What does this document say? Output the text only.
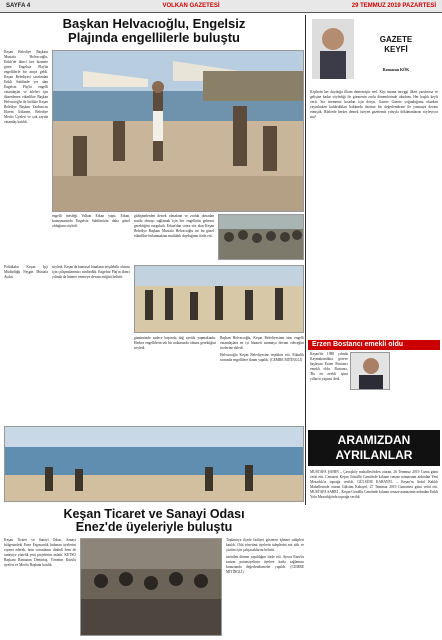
SAYFA 4	VOLKAN GAZETESİ	29 TEMMUZ 2019 PAZARTESİ
Başkan Helvacıoğlu, Engelsiz
Plajında engellilerle buluştu

Keşan Belediye Başkanı Mustafa Helvacıoğlu, Erikli'de ikinci kez hizmete giren Engelsiz Plaj'da engellilerle bir araya geldi. Keşan Belediyesi tarafından Erikli Sahilinde yer alan Engelsiz Plaj'ta engelli vatandaşlar ve aileleri için düzenlenen etkinlikte Başkan Helvacıoğlu ile birlikte Keşan Belediye Başkan Yardımcısı Ekrem Gökmen, Belediye Meclis Üyeleri ve çok sayıda vatandaş katıldı.

engelli mesleği Volkan Erkan yaptı. Erkan, konuşmasında Engelsiz Sahilimizin daha güzel olduğunu söyledi.

gülüşmelerden destek olmaktan ve zorluk olmadan mutlu olmayı sağlamak için her engellinin gelmesi gerektiğini vurguladı. Erkan'dan sonra söz alan Keşan Belediye Başkanı Mustafa Helvacıoğlu ise bu güzel etkinlikte bulunmaktan mutluluk duyduğunu ifade etti.

Politikalar Keşan İşçi Müdürlüğü Neşgin Mustafa Aydın.

söyledi. Keşan'da kamusal binaların erişilebilir olması için çalışmalarımızı sürdürdük. Engelsiz Plaj'ın ikinci yılında da hizmet vermeye devam ettiğini belirtti.

günümüzde sadece başarıda dağ ayrılık yapmaktadır. Herkes engellilerin tek bir noktasında olması gerektiğini söyledi.

Başkan Helvacıoğlu, Keşan Belediyesinin tüm engelli vatandaşlara en iyi hizmeti sunmaya devam edeceğini sözlerine ekledi.

Helvacıoğlu Keşan Belediyesine teşekkür etti. Etkinlik sonunda engellilere ikram yapıldı. (CEMRE MİTİNGLİ)

GAZETE
KEYFİ
Ramazan KÖK

Kişilerin her duyduğu ilham dememiştir reel. Kişi insana inceggi ilkeri yazdırırsa ve gelişine kadar söylediği ile görmenin zorlu dönemlerinde okudum. Her başlık keyfi verir. Siz istemeniz kısadan için dorşıs. Gazete Gazete yoğunluğunu okurken yayınlarken kaldırdıkları hakkında üzerine bir değerlendirme ile yazmaya devam etmiştik. Rihlerde herkes demek isteyen gazetemiz yoluyla dökümanlarını söyleyiyor mu?

Erzen Bostancı emekli oldu

Keşan'da 1988 yılında Kaymakamlıkta göreve başlayan Erzen Bostancı emekli oldu. Bostancı, 'Bu en zevkli işimi yıllarca yaptım' dedi.

ARAMIZDAN
AYRILANLAR

MUSTAFA ŞAHİN – Çavuşköy mahallesi'nden oturan, 26 Temmuz 2019 Cuma günü vefat etti. Cenazesi Keşan Gönüllü Camii'nde kılınan cenaze namazının ardından Yeni Mezarlık'ta toprağa verildi. GÜLSÜM KABAYEL – Keşan'ın Ardal Kaklık Mahallesinde oturan Gülsüm Kabayel, 27 Temmuz 2019 Cumartesi günü vefat etti. MUSTAFA SABRİ – Keşan Gönüllü Camiinde kılınan cenaze namazının ardından Erikli Yolu Mezarlığı'nda toprağa verildi.

Keşan Ticaret ve Sanayi Odası
Enez'de üyeleriyle buluştu

Keşan Ticaret ve Sanayi Odası, Sanayi bölgesindeki Enez Erguvanlık bulunan üyelerini ziyaret ederek, hem sorunlarını dinledi hem de sanayiye yönelik yeni projelerini anlattı. KETSO Başkanı Ramazan Demirtaş, Yönetim Kurulu üyeleri ve Meclis Başkanı katıldı.

Toplantıya ilçede faaliyet gösteren işletme sahipleri katıldı. Oda yönetimi üyelerin taleplerini not aldı ve çözüm için çalışacaklarını belirtti.

istenilen dönme yapıldığını ifade etti. Ayrıca Enez'in turizm potansiyelinin üyelere katkı sağlaması konusunda değerlendirmeler yapıldı. (CEMRE MİTİNGLİ)
